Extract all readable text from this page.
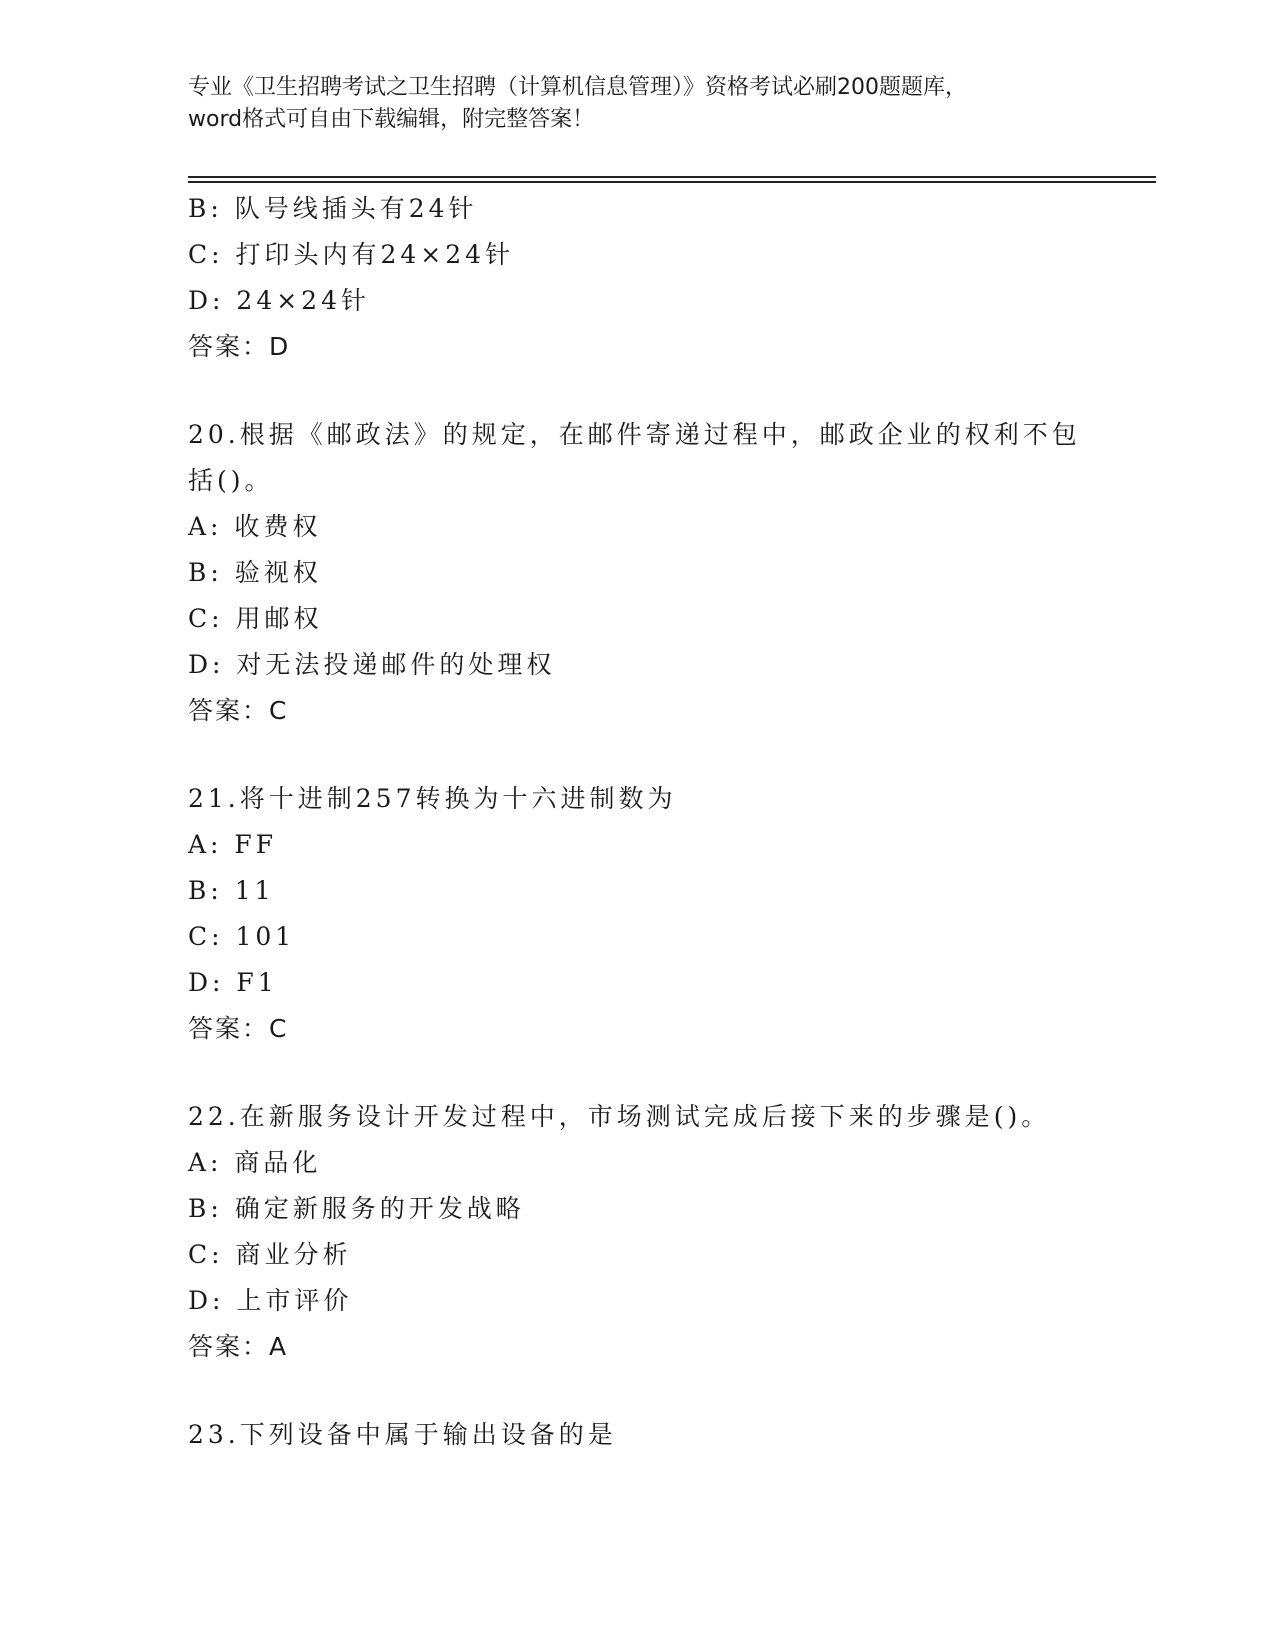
专业《卫生招聘考试之卫生招聘（计算机信息管理）》资格考试必刷200题题库，
word格式可自由下载编辑，附完整答案！
B: 队号线插头有24针
C: 打印头内有24×24针
D: 24×24针
答案：D
20.根据《邮政法》的规定，在邮件寄递过程中，邮政企业的权利不包
括()。
A: 收费权
B: 验视权
C: 用邮权
D: 对无法投递邮件的处理权
答案：C
21.将十进制257转换为十六进制数为
A: FF
B: 11
C: 101
D: F1
答案：C
22.在新服务设计开发过程中，市场测试完成后接下来的步骤是()。
A: 商品化
B: 确定新服务的开发战略
C: 商业分析
D: 上市评价
答案：A
23.下列设备中属于输出设备的是
